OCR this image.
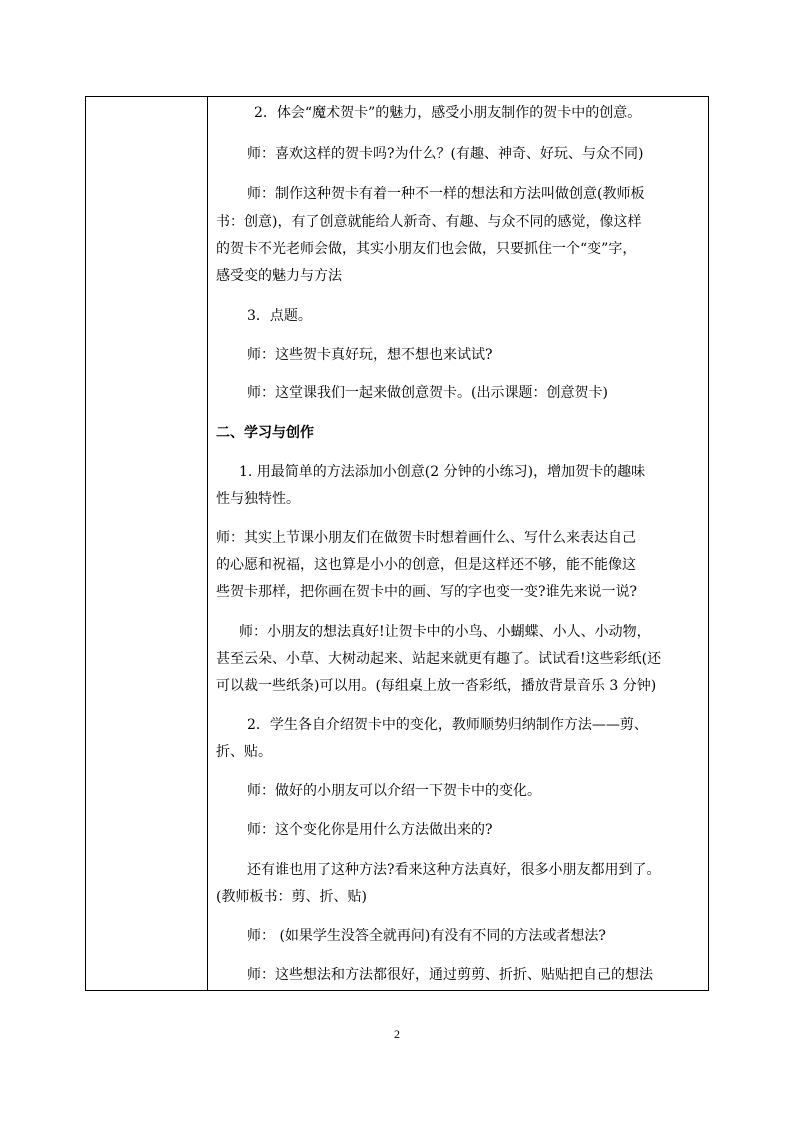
2．体会“魔术贺卡”的魅力，感受小朋友制作的贺卡中的创意。
师：喜欢这样的贺卡吗?为什么？(有趣、神奇、好玩、与众不同)
师：制作这种贺卡有着一种不一样的想法和方法叫做创意(教师板
书：创意)，有了创意就能给人新奇、有趣、与众不同的感觉，像这样
的贺卡不光老师会做，其实小朋友们也会做，只要抓住一个“变”字，
感受变的魅力与方法
3．点题。
师：这些贺卡真好玩，想不想也来试试?
师：这堂课我们一起来做创意贺卡。(出示课题：创意贺卡)
二、学习与创作
1. 用最简单的方法添加小创意(2 分钟的小练习)，增加贺卡的趣味
性与独特性。
师：其实上节课小朋友们在做贺卡时想着画什么、写什么来表达自己
的心愿和祝福，这也算是小小的创意，但是这样还不够，能不能像这
些贺卡那样，把你画在贺卡中的画、写的字也变一变?谁先来说一说?
师：小朋友的想法真好!让贺卡中的小鸟、小蝴蝶、小人、小动物，
甚至云朵、小草、大树动起来、站起来就更有趣了。试试看!这些彩纸(还
可以裁一些纸条)可以用。(每组桌上放一沓彩纸，播放背景音乐 3 分钟)
2．学生各自介绍贺卡中的变化，教师顺势归纳制作方法——剪、
折、贴。
师：做好的小朋友可以介绍一下贺卡中的变化。
师：这个变化你是用什么方法做出来的?
还有谁也用了这种方法?看来这种方法真好，很多小朋友都用到了。
(教师板书：剪、折、贴)
师： (如果学生没答全就再问)有没有不同的方法或者想法?
师：这些想法和方法都很好，通过剪剪、折折、贴贴把自己的想法
2
